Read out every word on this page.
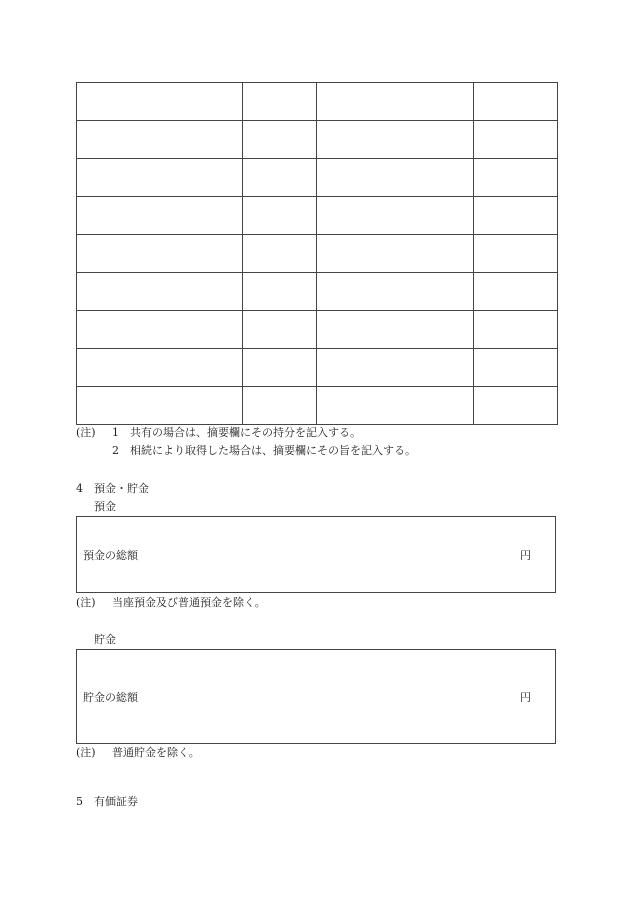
(注) 1 共有の場合は、摘要欄にその持分を記入する。
2 相続により取得した場合は、摘要欄にその旨を記入する。
4　預金・貯金
預金
預金の総額	円
(注) 当座預金及び普通預金を除く。
貯金
貯金の総額	円
(注) 普通貯金を除く。
5　有価証券
